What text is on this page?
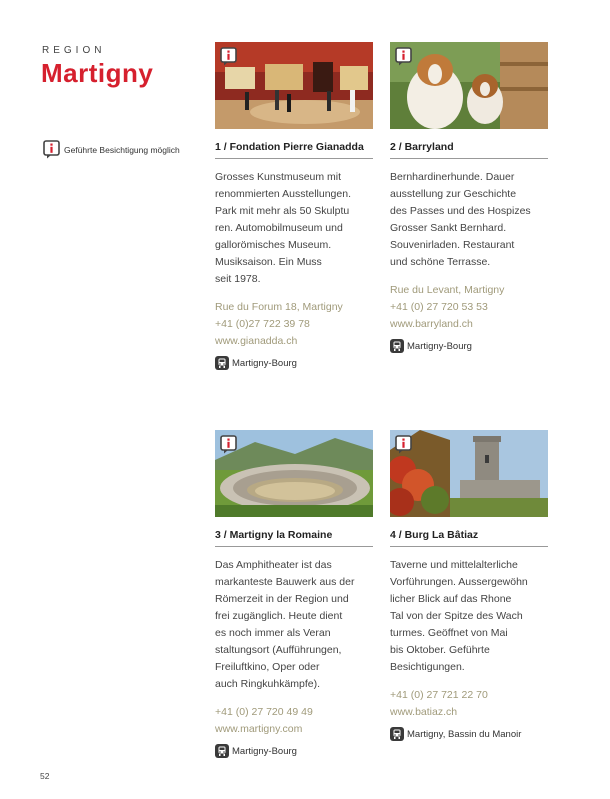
REGION
Martigny
Geführte Besichtigung möglich	1 / Fondation Pierre Gianadda
Grosses Kunstmuseum mit
renommierten Ausstellungen.
Park mit mehr als 50 Skulptu
ren. Automobilmuseum und
gallorömisches Museum.
Musiksaison. Ein Muss
seit 1978.
Rue du Forum 18, Martigny
+41 (0)27 722 39 78
www.gianadda.ch
Martigny-Bourg
2 / Barryland
Bernhardinerhunde. Dauer
ausstellung zur Geschichte
des Passes und des Hospizes
Grosser Sankt Bernhard.
Souvenirladen. Restaurant
und schöne Terrasse.
Rue du Levant, Martigny
+41 (0) 27 720 53 53
www.barryland.ch
Martigny-Bourg
3 / Martigny la Romaine
Das Amphitheater ist das
markanteste Bauwerk aus der
Römerzeit in der Region und
frei zugänglich. Heute dient
es noch immer als Veran
staltungsort (Aufführungen,
Freiluftkino, Oper oder
auch Ringkuhkämpfe).
+41 (0) 27 720 49 49
www.martigny.com
Martigny-Bourg
4 / Burg La Bâtiaz
Taverne und mittelalterliche
Vorführungen. Aussergewöhn
licher Blick auf das Rhone
Tal von der Spitze des Wach
turmes. Geöffnet von Mai
bis Oktober. Geführte
Besichtigungen.
+41 (0) 27 721 22 70
www.batiaz.ch
Martigny, Bassin du Manoir
52
